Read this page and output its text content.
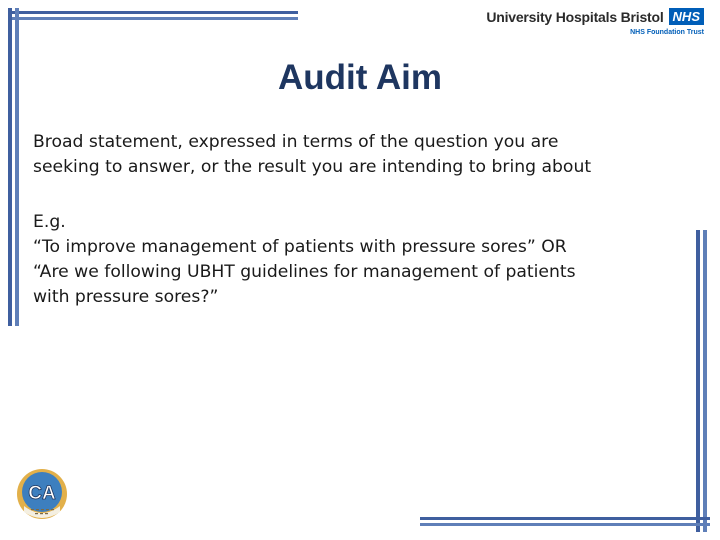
University Hospitals Bristol NHS
NHS Foundation Trust
Audit Aim

Broad statement, expressed in terms of the question you are
seeking to answer, or the result you are intending to bring about

E.g.
“To improve management of patients with pressure sores” OR
“Are we following UBHT guidelines for management of patients
with pressure sores?”

CA
